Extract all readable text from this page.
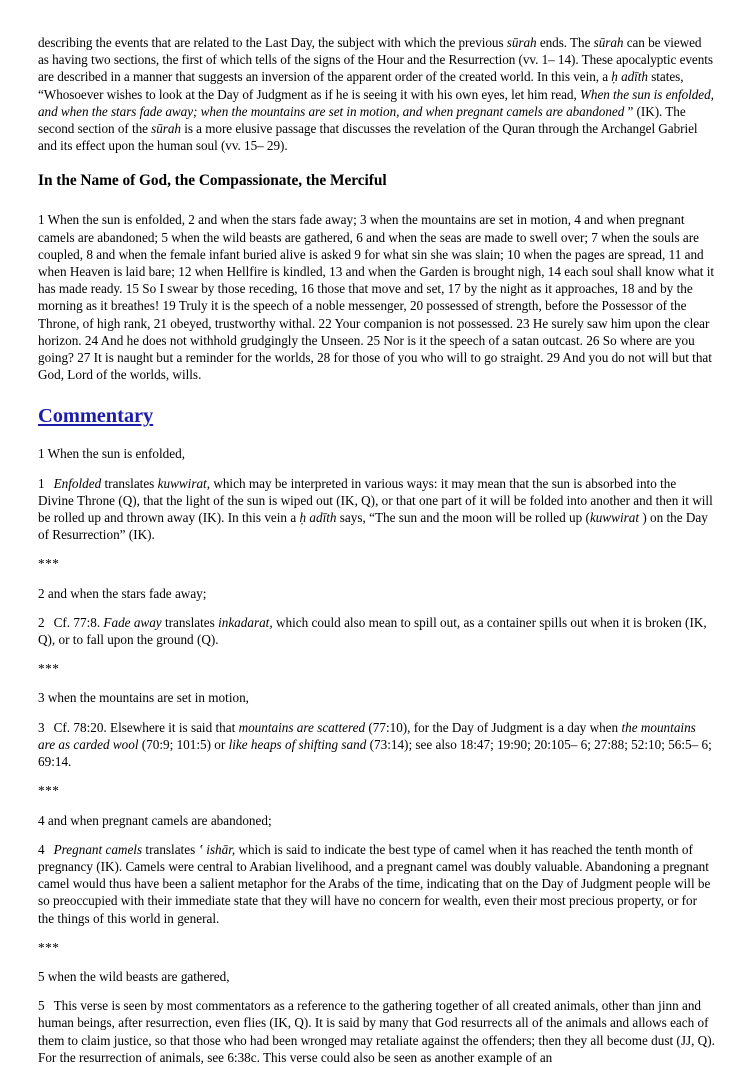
describing the events that are related to the Last Day, the subject with which the previous sūrah ends. The sūrah can be viewed as having two sections, the first of which tells of the signs of the Hour and the Resurrection (vv. 1– 14). These apocalyptic events are described in a manner that suggests an inversion of the apparent order of the created world. In this vein, a ḥ adīth states, “Whosoever wishes to look at the Day of Judgment as if he is seeing it with his own eyes, let him read, When the sun is enfolded, and when the stars fade away; when the mountains are set in motion, and when pregnant camels are abandoned ” (IK). The second section of the sūrah is a more elusive passage that discusses the revelation of the Quran through the Archangel Gabriel and its effect upon the human soul (vv. 15– 29).

In the Name of God, the Compassionate, the Merciful

1 When the sun is enfolded, 2 and when the stars fade away; 3 when the mountains are set in motion, 4 and when pregnant camels are abandoned; 5 when the wild beasts are gathered, 6 and when the seas are made to swell over; 7 when the souls are coupled, 8 and when the female infant buried alive is asked 9 for what sin she was slain; 10 when the pages are spread, 11 and when Heaven is laid bare; 12 when Hellfire is kindled, 13 and when the Garden is brought nigh, 14 each soul shall know what it has made ready. 15 So I swear by those receding, 16 those that move and set, 17 by the night as it approaches, 18 and by the morning as it breathes! 19 Truly it is the speech of a noble messenger, 20 possessed of strength, before the Possessor of the Throne, of high rank, 21 obeyed, trustworthy withal. 22 Your companion is not possessed. 23 He surely saw him upon the clear horizon. 24 And he does not withhold grudgingly the Unseen. 25 Nor is it the speech of a satan outcast. 26 So where are you going? 27 It is naught but a reminder for the worlds, 28 for those of you who will to go straight. 29 And you do not will but that God, Lord of the worlds, wills.

Commentary

1 When the sun is enfolded,

1 Enfolded translates kuwwirat, which may be interpreted in various ways: it may mean that the sun is absorbed into the Divine Throne (Q), that the light of the sun is wiped out (IK, Q), or that one part of it will be folded into another and then it will be rolled up and thrown away (IK). In this vein a ḥ adīth says, “The sun and the moon will be rolled up (kuwwirat ) on the Day of Resurrection” (IK).

***

2 and when the stars fade away;

2 Cf. 77:8. Fade away translates inkadarat, which could also mean to spill out, as a container spills out when it is broken (IK, Q), or to fall upon the ground (Q).

***

3 when the mountains are set in motion,

3 Cf. 78:20. Elsewhere it is said that mountains are scattered (77:10), for the Day of Judgment is a day when the mountains are as carded wool (70:9; 101:5) or like heaps of shifting sand (73:14); see also 18:47; 19:90; 20:105– 6; 27:88; 52:10; 56:5– 6; 69:14.

***

4 and when pregnant camels are abandoned;

4 Pregnant camels translates ʽ ishār, which is said to indicate the best type of camel when it has reached the tenth month of pregnancy (IK). Camels were central to Arabian livelihood, and a pregnant camel was doubly valuable. Abandoning a pregnant camel would thus have been a salient metaphor for the Arabs of the time, indicating that on the Day of Judgment people will be so preoccupied with their immediate state that they will have no concern for wealth, even their most precious property, or for the things of this world in general.

***

5 when the wild beasts are gathered,

5 This verse is seen by most commentators as a reference to the gathering together of all created animals, other than jinn and human beings, after resurrection, even flies (IK, Q). It is said by many that God resurrects all of the animals and allows each of them to claim justice, so that those who had been wronged may retaliate against the offenders; then they all become dust (JJ, Q). For the resurrection of animals, see 6:38c. This verse could also be seen as another example of an
